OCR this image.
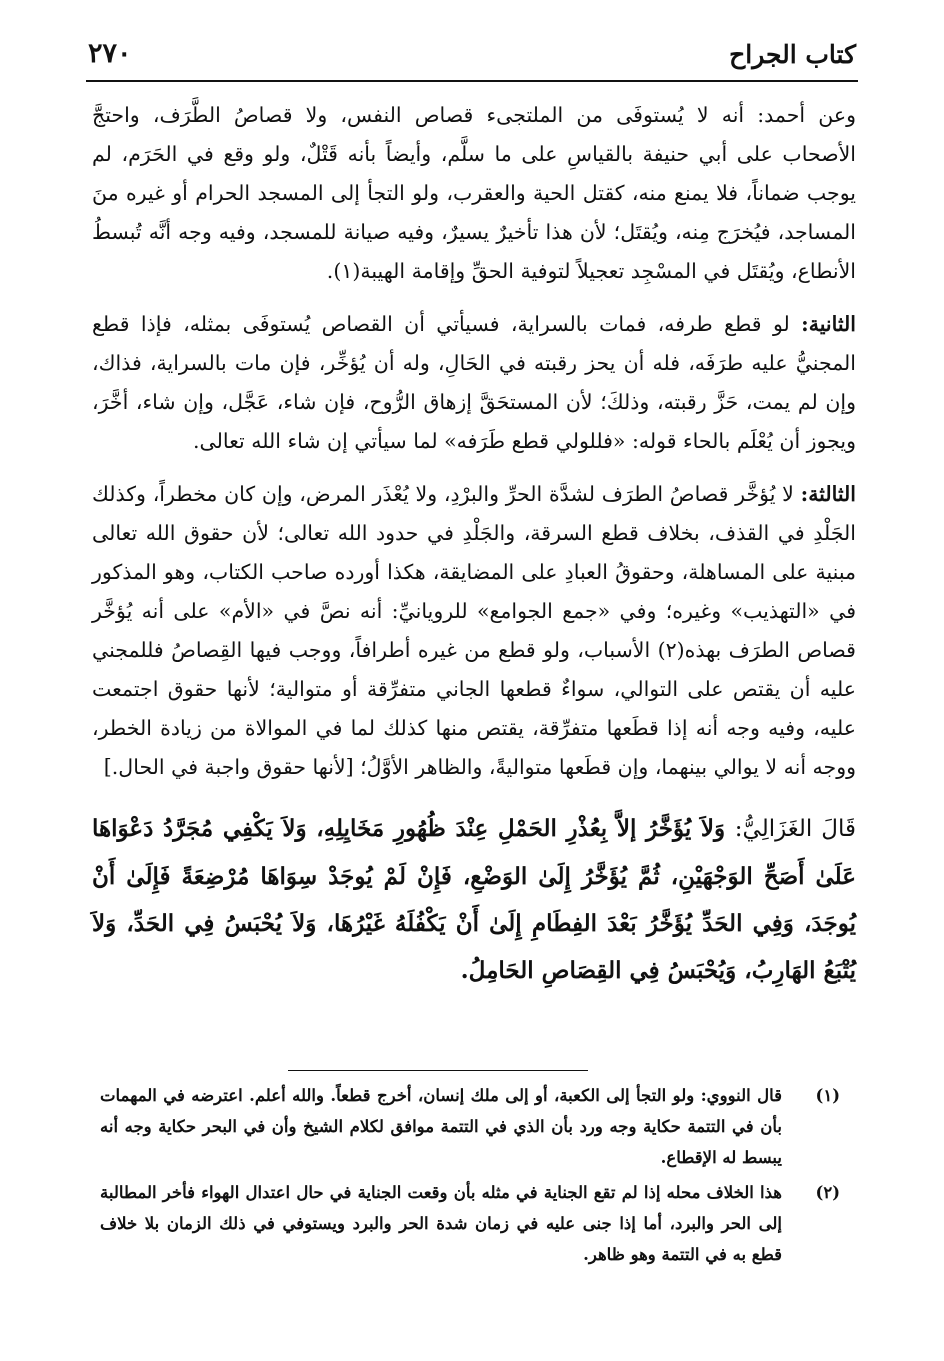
كتاب الجراح
٢٧٠

وعن أحمد: أنه لا يُستوفَى من الملتجىء قصاص النفس، ولا قصاصُ الطَّرَف، واحتجَّ الأصحاب على أبي حنيفة بالقياسِ على ما سلَّم، وأيضاً بأنه قَتْلٌ، ولو وقع في الحَرَم، لم يوجب ضماناً، فلا يمنع منه، كقتل الحية والعقرب، ولو التجأ إلى المسجد الحرام أو غيره منَ المساجد، فيُخرَج مِنه، ويُقتَل؛ لأن هذا تأخيرٌ يسيرٌ، وفيه صيانة للمسجد، وفيه وجه أنَّه تُبسطُ الأنطاع، ويُقتَل في المسْجِد تعجيلاً لتوفية الحقِّ وإقامة الهيبة(١).

الثانية: لو قطع طرفه، فمات بالسراية، فسيأتي أن القصاص يُستوفَى بمثله، فإذا قطع المجنيُّ عليه طرَفَه، فله أن يحز رقبته في الحَالِ، وله أن يُؤخِّر، فإن مات بالسراية، فذاك، وإن لم يمت، حَزَّ رقبته، وذلكَ؛ لأن المستحَقَّ إزهاق الرُّوح، فإن شاء، عَجَّل، وإن شاء، أخَّرَ، ويجوز أن يُعْلَم بالحاء قوله: «فللولي قطع طَرَفه» لما سيأتي إن شاء الله تعالى.

الثالثة: لا يُؤخَّر قصاصُ الطرَف لشدَّة الحرِّ والبرْدِ، ولا يُعْذَر المرض، وإن كان مخطراً، وكذلك الجَلْدِ في القذف، بخلاف قطع السرقة، والجَلْدِ في حدود الله تعالى؛ لأن حقوق الله تعالى مبنية على المساهلة، وحقوقُ العبادِ على المضايقة، هكذا أورده صاحب الكتاب، وهو المذكور في «التهذيب» وغيره؛ وفي «جمع الجوامع» للرويانيِّ: أنه نصَّ في «الأم» على أنه يُؤخَّر قصاص الطرَف بهذه(٢) الأسباب، ولو قطع من غيره أطرافاً، ووجب فيها القِصاصُ فللمجني عليه أن يقتص على التوالي، سواءٌ قطعها الجاني متفرِّقة أو متوالية؛ لأنها حقوق اجتمعت عليه، وفيه وجه أنه إذا قطَعها متفرِّقة، يقتص منها كذلك لما في الموالاة من زيادة الخطر، ووجه أنه لا يوالي بينهما، وإن قطَعها متواليةً، والظاهر الأوَّلُ؛ [لأنها حقوق واجبة في الحال.]

قَالَ الغَزَالِيُّ: وَلاَ يُؤَخَّرُ إلاَّ بِعُذْرِ الحَمْلِ عِنْدَ ظُهُورِ مَخَايِلِهِ، وَلاَ يَكْفِي مُجَرَّدُ دَعْوَاهَا عَلَىٰ أَصَحِّ الوَجْهَيْنِ، ثُمَّ يُؤَخَّرُ إِلَىٰ الوَضْعِ، فَإِنْ لَمْ يُوجَدْ سِوَاهَا مُرْضِعَةً فَإِلَىٰ أَنْ يُوجَدَ، وَفِي الحَدِّ يُؤَخَّرُ بَعْدَ الفِطَامِ إِلَىٰ أَنْ يَكْفُلَهُ غَيْرُهَا، وَلاَ يُحْبَسُ فِي الحَدِّ، وَلاَ يُتْبَعُ الهَارِبُ، وَيُحْبَسُ فِي القِصَاصِ الحَامِلُ.

(١)
قال النووي: ولو التجأ إلى الكعبة، أو إلى ملك إنسان، أخرج قطعاً. والله أعلم. اعترضه في المهمات بأن في التتمة حكاية وجه ورد بأن الذي في التتمة موافق لكلام الشيخ وأن في البحر حكاية وجه أنه يبسط له الإقطاع.
(٢)
هذا الخلاف محله إذا لم تقع الجناية في مثله بأن وقعت الجناية في حال اعتدال الهواء فأخر المطالبة إلى الحر والبرد، أما إذا جنى عليه في زمان شدة الحر والبرد ويستوفي في ذلك الزمان بلا خلاف قطع به في التتمة وهو ظاهر.
